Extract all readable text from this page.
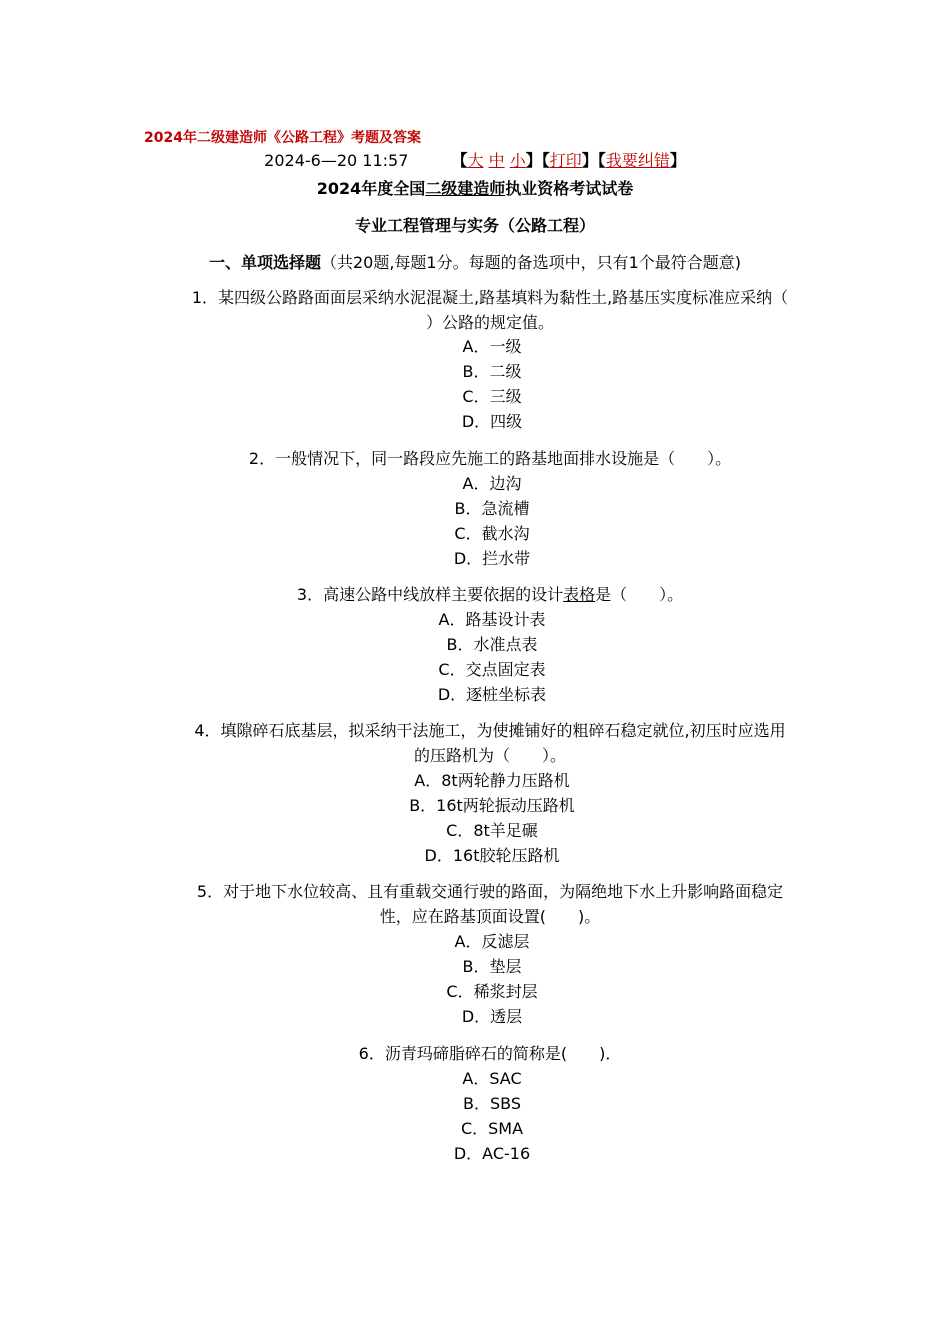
2024年二级建造师《公路工程》考题及答案
2024-6—20 11:57	【大 中 小】【打印】【我要纠错】
2024年度全国二级建造师执业资格考试试卷
专业工程管理与实务（公路工程）
一、单项选择题（共20题,每题1分。每题的备选项中，只有1个最符合题意)
1．某四级公路路面面层采纳水泥混凝土,路基填料为黏性土,路基压实度标准应采纳（
）公路的规定值。
A．一级
B．二级
C．三级
D．四级
2．一般情况下，同一路段应先施工的路基地面排水设施是（　　）。
A．边沟
B．急流槽
C．截水沟
D．拦水带
3．高速公路中线放样主要依据的设计表格是（　　）。
A．路基设计表
B．水准点表
C．交点固定表
D．逐桩坐标表
4．填隙碎石底基层，拟采纳干法施工，为使摊铺好的粗碎石稳定就位,初压时应选用
的压路机为（　　）。
A．8t两轮静力压路机
B．16t两轮振动压路机
C．8t羊足碾
D．16t胶轮压路机
5．对于地下水位较高、且有重载交通行驶的路面，为隔绝地下水上升影响路面稳定
性，应在路基顶面设置(　　)。
A．反滤层
B．垫层
C．稀浆封层
D．透层
6．沥青玛碲脂碎石的简称是(　　)．
A．SAC
B．SBS
C．SMA
D．AC-16
